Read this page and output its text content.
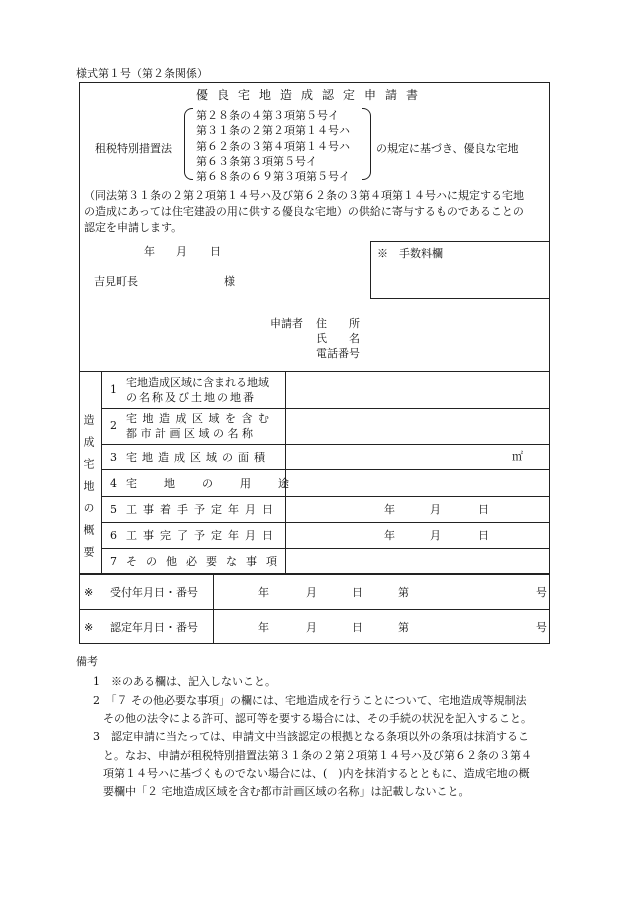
様式第１号（第２条関係）
優良宅地造成認定申請書
租税特別措置法
第２８条の４第３項第５号イ
第３１条の２第２項第１４号ハ
第６２条の３第４項第１４号ハ
第６３条第３項第５号イ
第６８条の６９第３項第５号イ
の規定に基づき、優良な宅地
（同法第３１条の２第２項第１４号ハ及び第６２条の３第４項第１４号ハに規定する宅地
の造成にあっては住宅建設の用に供する優良な宅地）の供給に寄与するものであることの
認定を申請します。
年 月 日
吉見町長	様
※　手数料欄
申請者 住　　所
氏　　名
電話番号
造成宅地の概要
1
宅地造成区域に含まれる地域
の名称及び土地の地番
2
宅地造成区域を含む
都市計画区域の名称
3 宅地造成区域の面積	㎡
4 宅地の用途
5 工事着手予定年月日	年	月	日
6 工事完了予定年月日	年	月	日
7 その他必要な事項
※ 受付年月日・番号	年	月	日	第	号
※ 認定年月日・番号	年	月	日	第	号
備考
1　※のある欄は、記入しないこと。
2　「７ その他必要な事項」の欄には、宅地造成を行うことについて、宅地造成等規制法
その他の法令による許可、認可等を要する場合には、その手続の状況を記入すること。
3　認定申請に当たっては、申請文中当該認定の根拠となる条項以外の条項は抹消するこ
と。なお、申請が租税特別措置法第３１条の２第２項第１４号ハ及び第６２条の３第４
項第１４号ハに基づくものでない場合には、(　)内を抹消するとともに、造成宅地の概
要欄中「２ 宅地造成区域を含む都市計画区域の名称」は記載しないこと。
